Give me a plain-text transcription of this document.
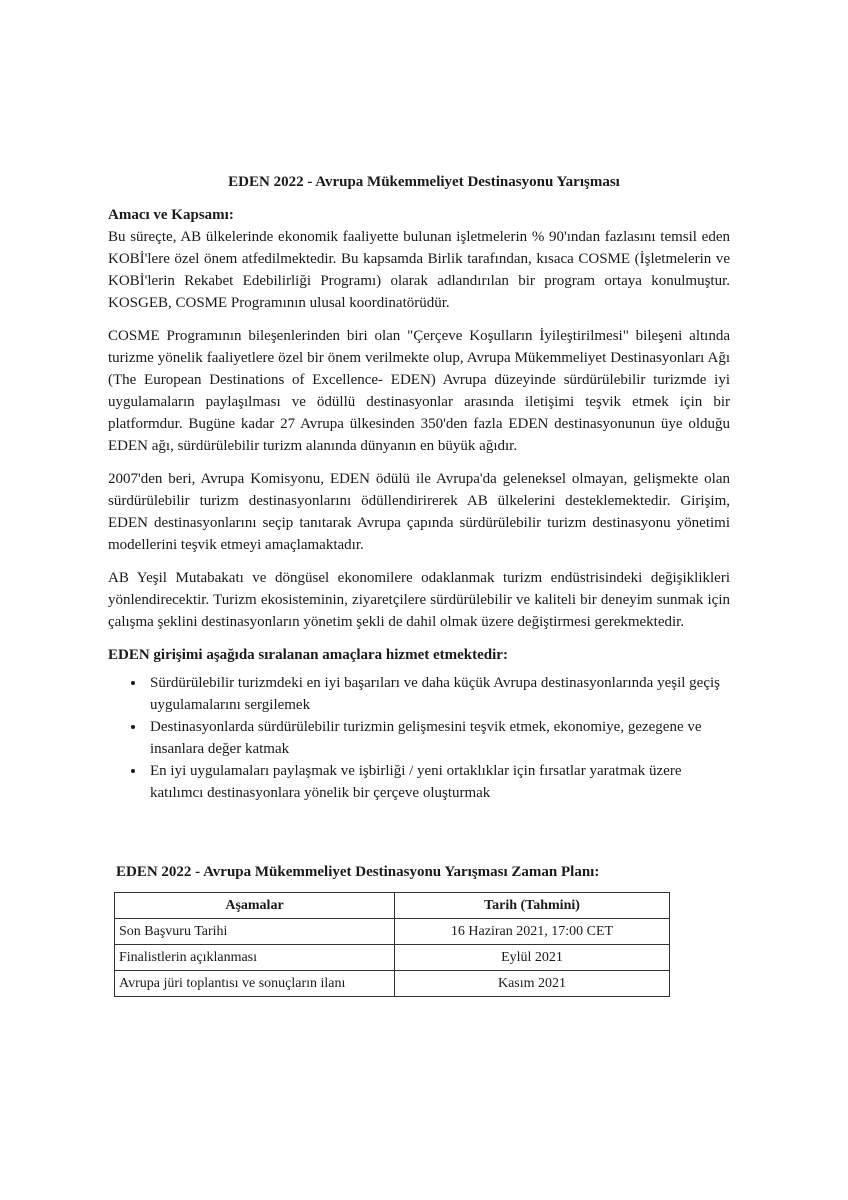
EDEN 2022 - Avrupa Mükemmeliyet Destinasyonu Yarışması

Amacı ve Kapsamı:

Bu süreçte, AB ülkelerinde ekonomik faaliyette bulunan işletmelerin % 90'ından fazlasını temsil eden KOBİ'lere özel önem atfedilmektedir. Bu kapsamda Birlik tarafından, kısaca COSME (İşletmelerin ve KOBİ'lerin Rekabet Edebilirliği Programı) olarak adlandırılan bir program ortaya konulmuştur. KOSGEB, COSME Programının ulusal koordinatörüdür.

COSME Programının bileşenlerinden biri olan "Çerçeve Koşulların İyileştirilmesi" bileşeni altında turizme yönelik faaliyetlere özel bir önem verilmekte olup, Avrupa Mükemmeliyet Destinasyonları Ağı (The European Destinations of Excellence- EDEN) Avrupa düzeyinde sürdürülebilir turizmde iyi uygulamaların paylaşılması ve ödüllü destinasyonlar arasında iletişimi teşvik etmek için bir platformdur. Bugüne kadar 27 Avrupa ülkesinden 350'den fazla EDEN destinasyonunun üye olduğu EDEN ağı, sürdürülebilir turizm alanında dünyanın en büyük ağıdır.

2007'den beri, Avrupa Komisyonu, EDEN ödülü ile Avrupa'da geleneksel olmayan, gelişmekte olan sürdürülebilir turizm destinasyonlarını ödüllendirirerek AB ülkelerini desteklemektedir. Girişim, EDEN destinasyonlarını seçip tanıtarak Avrupa çapında sürdürülebilir turizm destinasyonu yönetimi modellerini teşvik etmeyi amaçlamaktadır.

AB Yeşil Mutabakatı ve döngüsel ekonomilere odaklanmak turizm endüstrisindeki değişiklikleri yönlendirecektir. Turizm ekosisteminin, ziyaretçilere sürdürülebilir ve kaliteli bir deneyim sunmak için çalışma şeklini destinasyonların yönetim şekli de dahil olmak üzere değiştirmesi gerekmektedir.

EDEN girişimi aşağıda sıralanan amaçlara hizmet etmektedir:

• Sürdürülebilir turizmdeki en iyi başarıları ve daha küçük Avrupa destinasyonlarında yeşil geçiş uygulamalarını sergilemek
• Destinasyonlarda sürdürülebilir turizmin gelişmesini teşvik etmek, ekonomiye, gezegene ve insanlara değer katmak
• En iyi uygulamaları paylaşmak ve işbirliği / yeni ortaklıklar için fırsatlar yaratmak üzere katılımcı destinasyonlara yönelik bir çerçeve oluşturmak
EDEN 2022 - Avrupa Mükemmeliyet Destinasyonu Yarışması Zaman Planı:
Aşamalar	Tarih (Tahmini)
Son Başvuru Tarihi	16 Haziran 2021, 17:00 CET
Finalistlerin açıklanması	Eylül 2021
Avrupa jüri toplantısı ve sonuçların ilanı	Kasım 2021
